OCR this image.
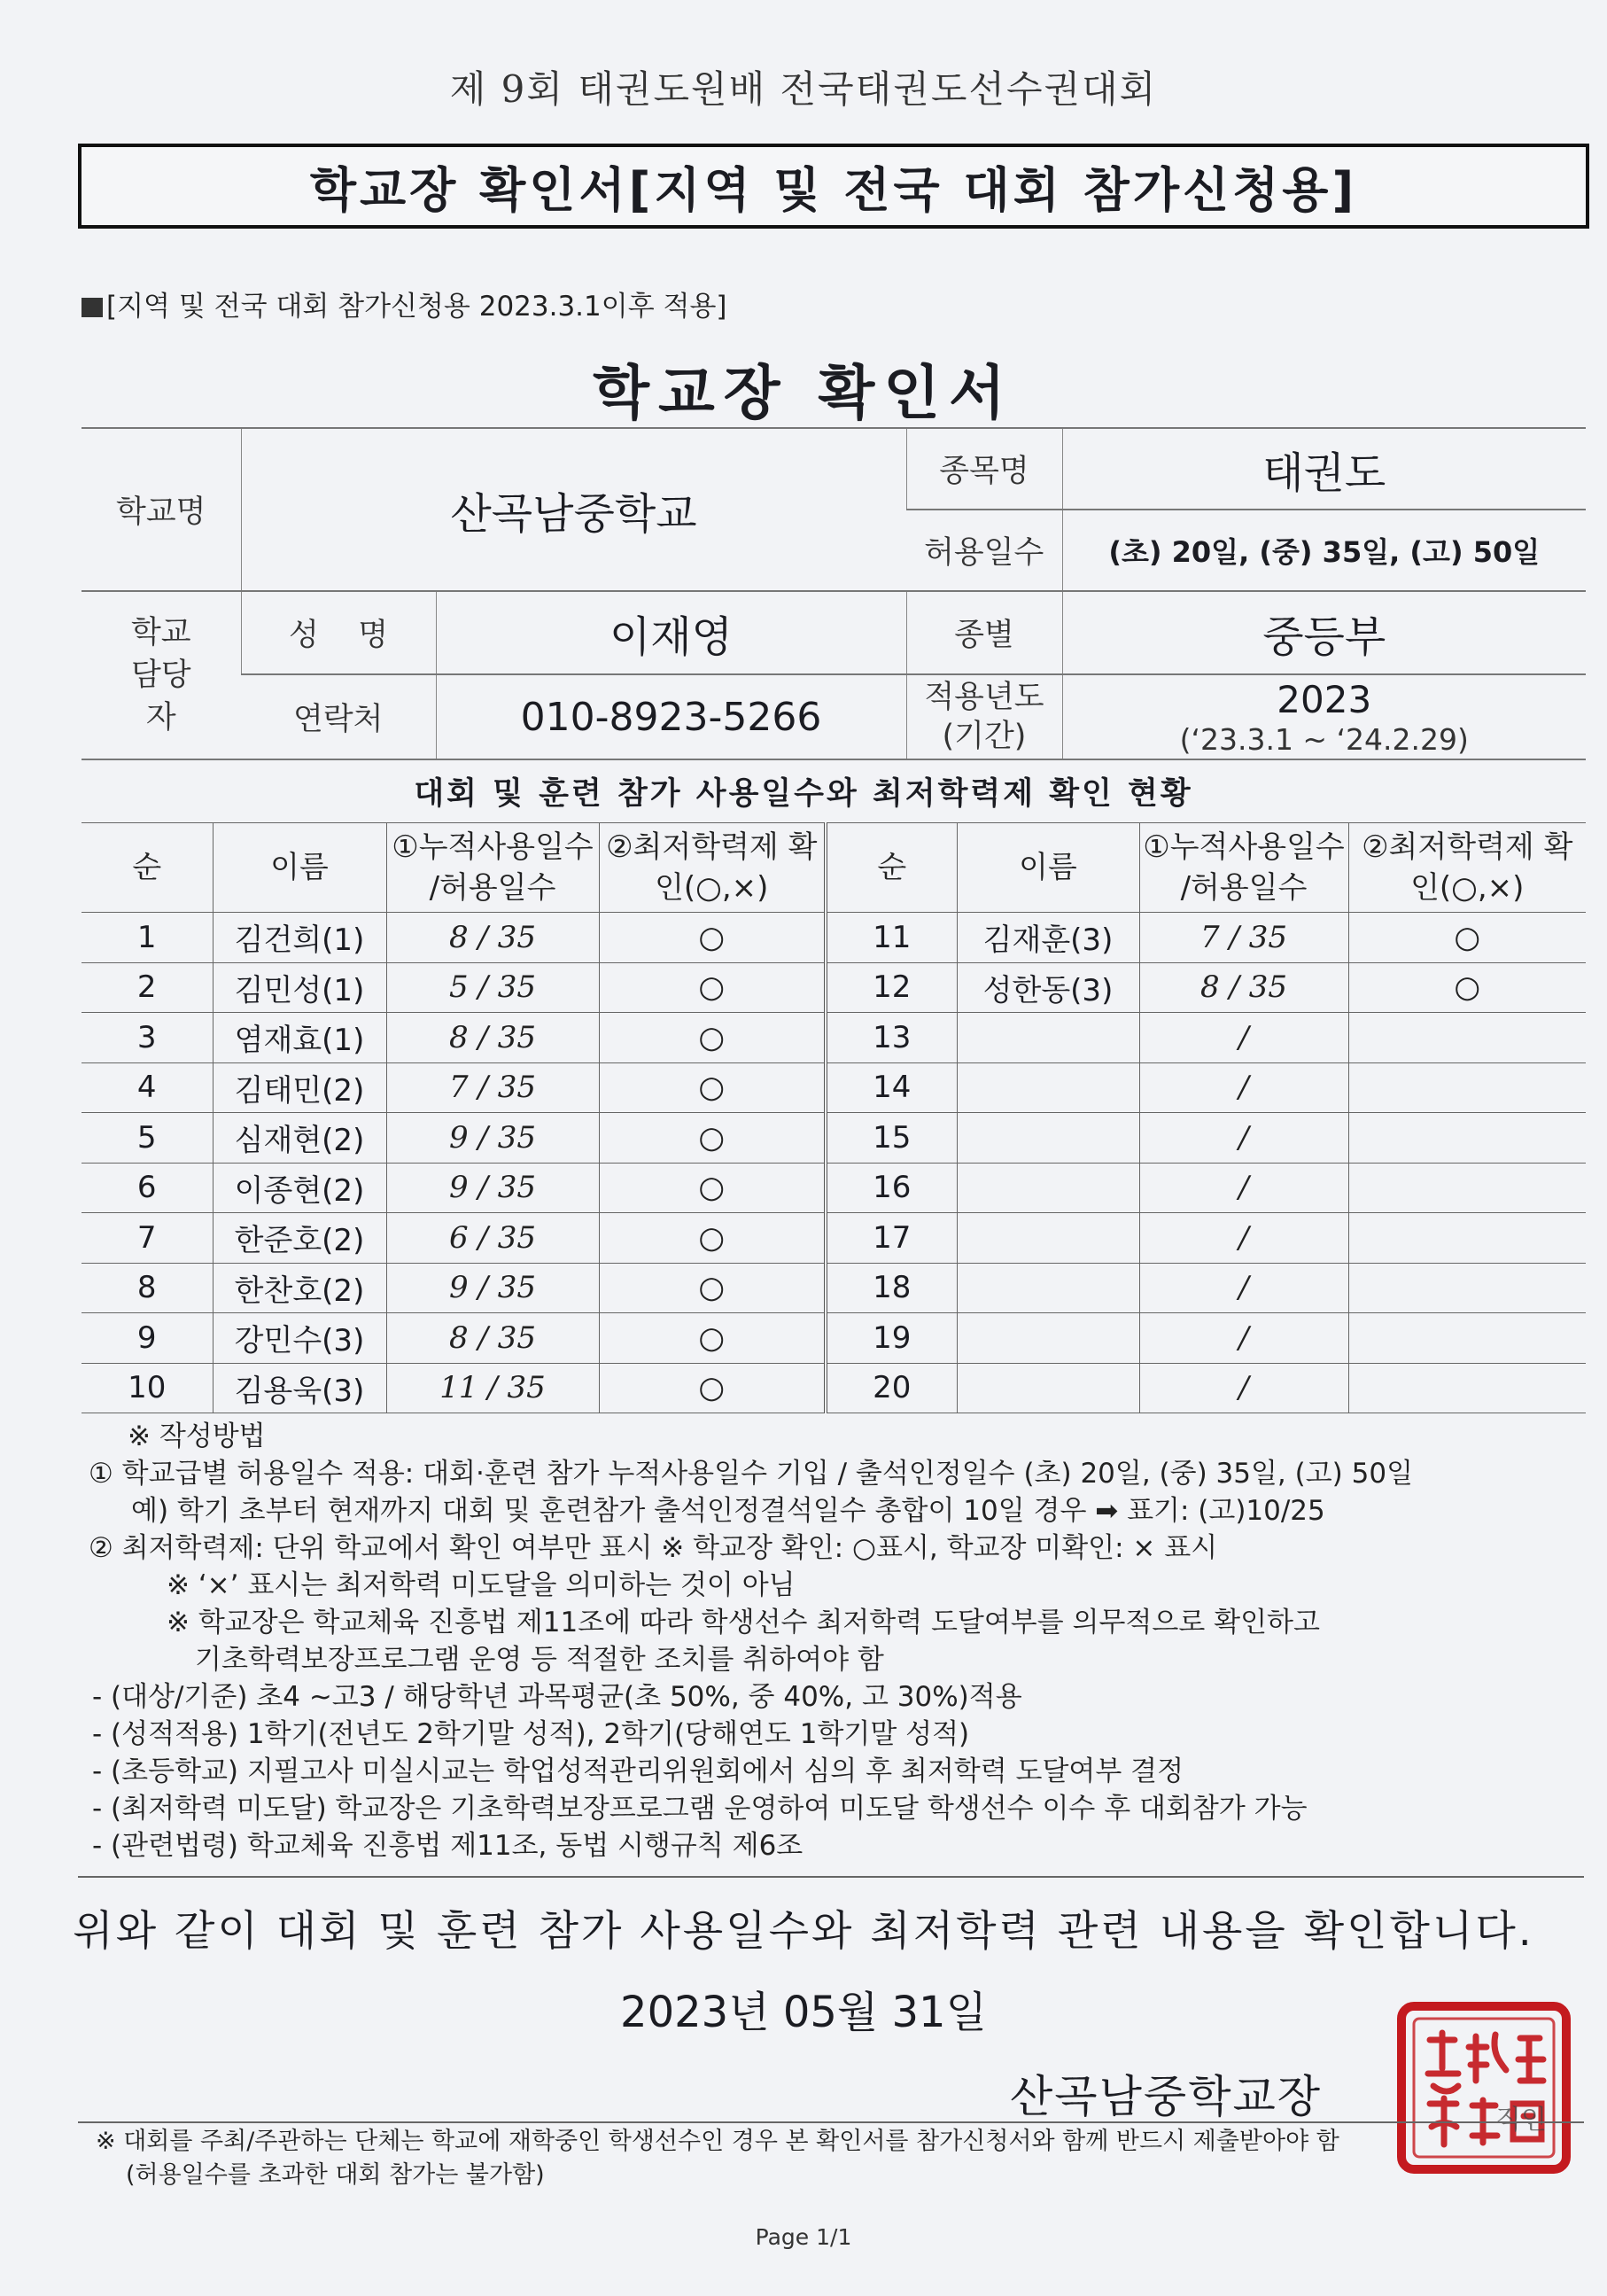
제 9회 태권도원배 전국태권도선수권대회
학교장 확인서[지역 및 전국 대회 참가신청용]
[지역 및 전국 대회 참가신청용 2023.3.1이후 적용]
학교장 확인서
학교명	산곡남중학교		종목명	태권도
			허용일수	(초) 20일, (중) 35일, (고) 50일
학교 담당자	성    명	이재영	종별	중등부
	연락처	010-8923-5266	적용년도 (기간)	2023
(‘23.3.1 ~ ‘24.2.29)
대회 및 훈련 참가 사용일수와 최저학력제 확인 현황
순	이름	①누적사용일수 /허용일수	②최저학력제 확인(○,×)	순	이름	①누적사용일수 /허용일수	②최저학력제 확인(○,×)
1	김건희(1)	8 / 35	○	11	김재훈(3)	7 / 35	○
2	김민성(1)	5 / 35	○	12	성한동(3)	8 / 35	○
3	염재효(1)	8 / 35	○	13		/	
4	김태민(2)	7 / 35	○	14		/	
5	심재현(2)	9 / 35	○	15		/	
6	이종현(2)	9 / 35	○	16		/	
7	한준호(2)	6 / 35	○	17		/	
8	한찬호(2)	9 / 35	○	18		/	
9	강민수(3)	8 / 35	○	19		/	
10	김용욱(3)	11 / 35	○	20		/	
※ 작성방법
① 학교급별 허용일수 적용: 대회·훈련 참가 누적사용일수 기입 / 출석인정일수 (초) 20일, (중) 35일, (고) 50일
예) 학기 초부터 현재까지 대회 및 훈련참가 출석인정결석일수 총합이 10일 경우 ➡ 표기: (고)10/25
② 최저학력제: 단위 학교에서 확인 여부만 표시 ※ 학교장 확인: ○표시, 학교장 미확인: × 표시
※ ‘×’ 표시는 최저학력 미도달을 의미하는 것이 아님
※ 학교장은 학교체육 진흥법 제11조에 따라 학생선수 최저학력 도달여부를 의무적으로 확인하고
기초학력보장프로그램 운영 등 적절한 조치를 취하여야 함
- (대상/기준) 초4 ~고3 / 해당학년 과목평균(초 50%, 중 40%, 고 30%)적용
- (성적적용) 1학기(전년도 2학기말 성적), 2학기(당해연도 1학기말 성적)
- (초등학교) 지필고사 미실시교는 학업성적관리위원회에서 심의 후 최저학력 도달여부 결정
- (최저학력 미도달) 학교장은 기초학력보장프로그램 운영하여 미도달 학생선수 이수 후 대회참가 가능
- (관련법령) 학교체육 진흥법 제11조, 동법 시행규칙 제6조
위와 같이 대회 및 훈련 참가 사용일수와 최저학력 관련 내용을 확인합니다.
2023년 05월 31일
산곡남중학교장	직인
※ 대회를 주최/주관하는 단체는 학교에 재학중인 학생선수인 경우 본 확인서를 참가신청서와 함께 반드시 제출받아야 함
(허용일수를 초과한 대회 참가는 불가함)
Page 1/1
